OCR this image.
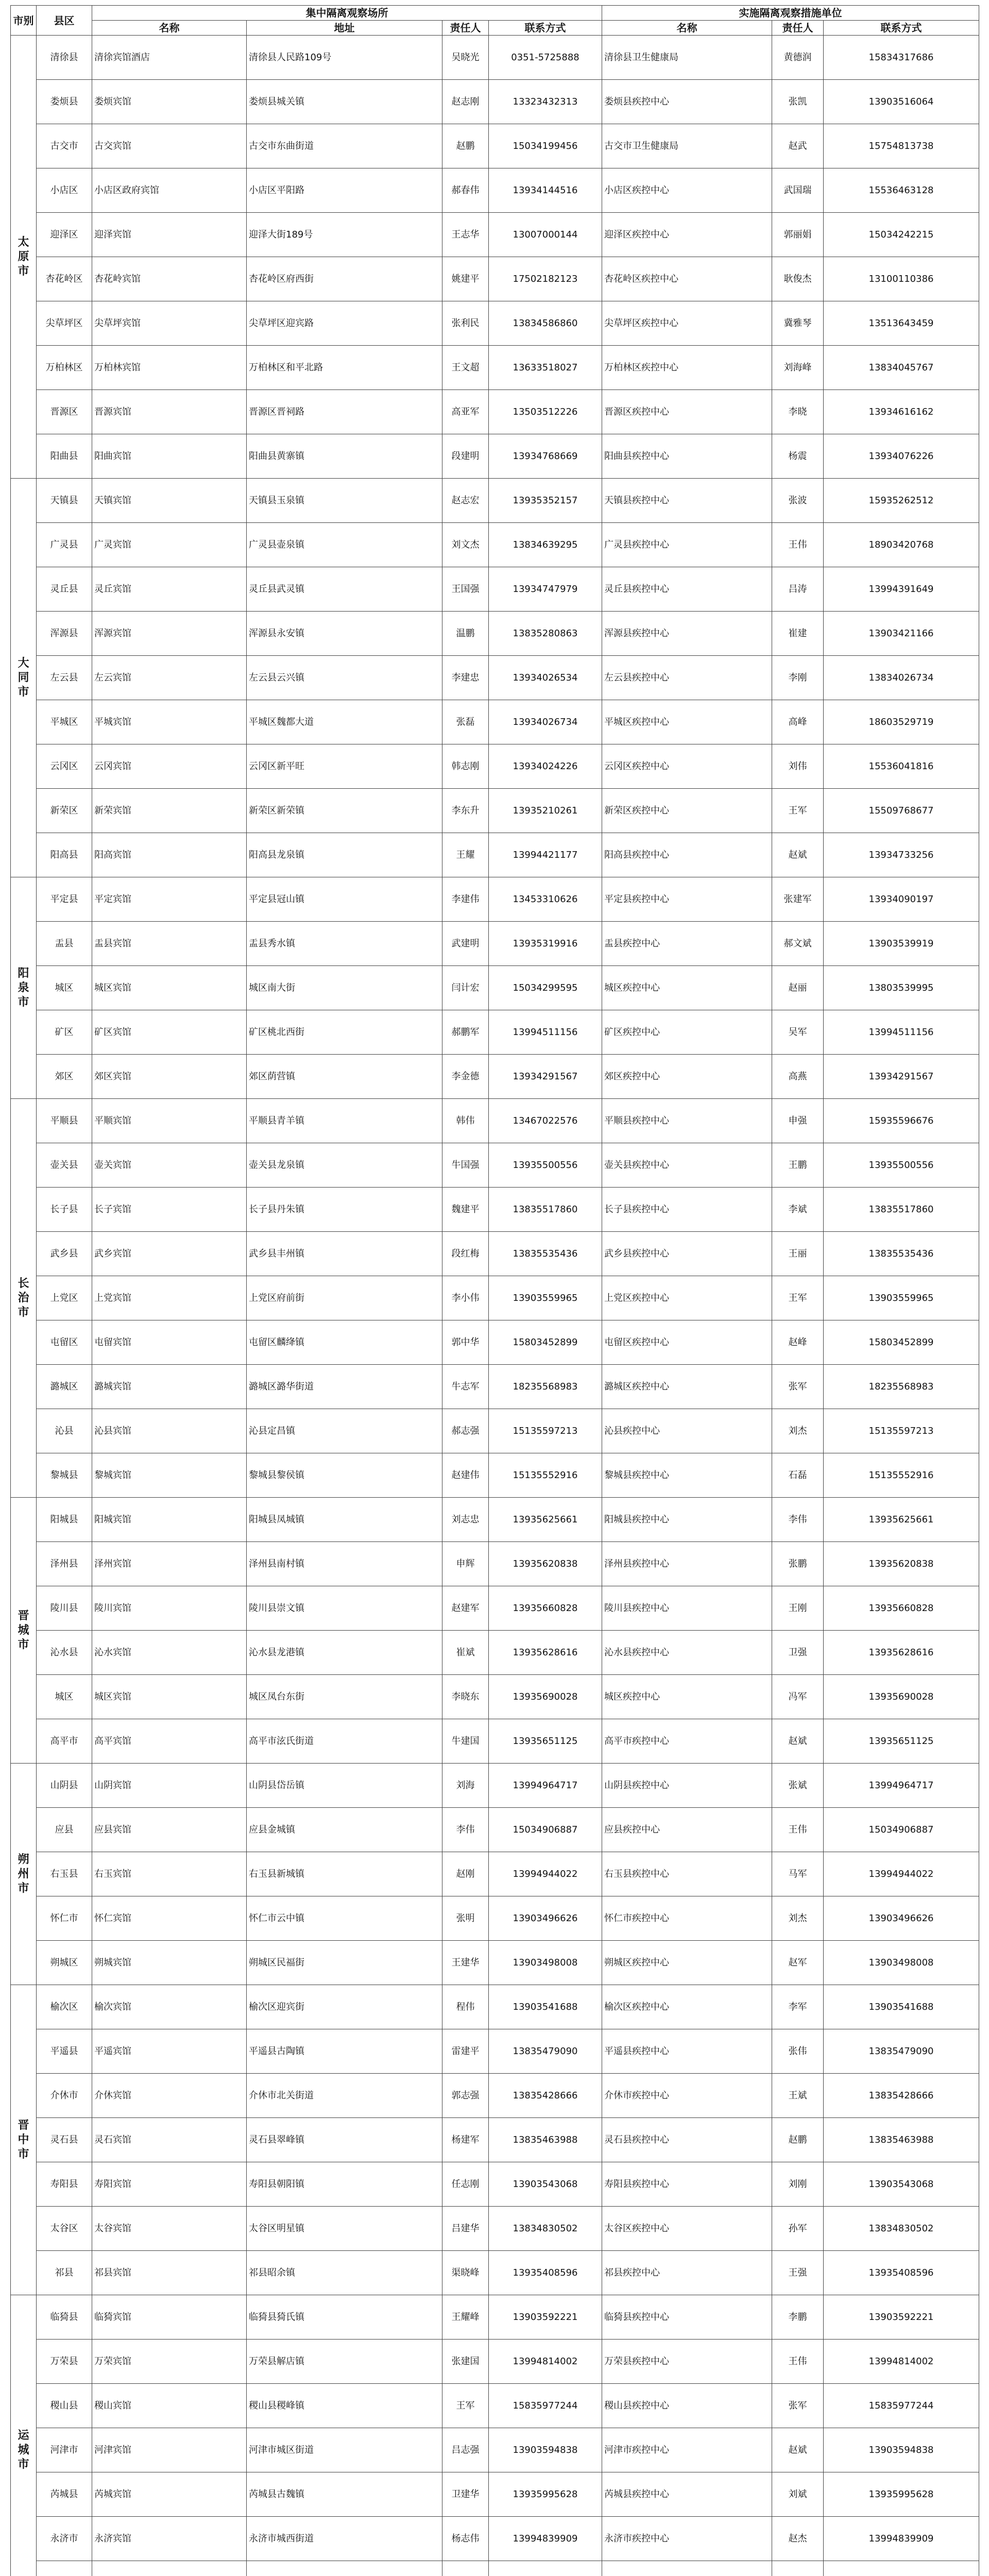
市别	县区	集中隔离观察场所				实施隔离观察措施单位		
		名称	地址	责任人	联系方式	名称	责任人	联系方式
太原市	清徐县	清徐宾馆酒店	清徐县人民路109号	吴晓光	0351-5725888	清徐县卫生健康局	黄德润	15834317686
	娄烦县	娄烦宾馆	娄烦县城关镇	赵志刚	13323432313	娄烦县疾控中心	张凯	13903516064
	古交市	古交宾馆	古交市东曲街道	赵鹏	15034199456	古交市卫生健康局	赵武	15754813738
	小店区	小店区政府宾馆	小店区平阳路	郝春伟	13934144516	小店区疾控中心	武国瑞	15536463128
	迎泽区	迎泽宾馆	迎泽大街189号	王志华	13007000144	迎泽区疾控中心	郭丽娟	15034242215
	杏花岭区	杏花岭宾馆	杏花岭区府西街	姚建平	17502182123	杏花岭区疾控中心	耿俊杰	13100110386
	尖草坪区	尖草坪宾馆	尖草坪区迎宾路	张利民	13834586860	尖草坪区疾控中心	冀雅琴	13513643459
	万柏林区	万柏林宾馆	万柏林区和平北路	王文超	13633518027	万柏林区疾控中心	刘海峰	13834045767
	晋源区	晋源宾馆	晋源区晋祠路	高亚军	13503512226	晋源区疾控中心	李晓	13934616162
	阳曲县	阳曲宾馆	阳曲县黄寨镇	段建明	13934768669	阳曲县疾控中心	杨震	13934076226
大同市	天镇县	天镇宾馆	天镇县玉泉镇	赵志宏	13935352157	天镇县疾控中心	张波	15935262512
	广灵县	广灵宾馆	广灵县壶泉镇	刘文杰	13834639295	广灵县疾控中心	王伟	18903420768
	灵丘县	灵丘宾馆	灵丘县武灵镇	王国强	13934747979	灵丘县疾控中心	吕涛	13994391649
	浑源县	浑源宾馆	浑源县永安镇	温鹏	13835280863	浑源县疾控中心	崔建	13903421166
	左云县	左云宾馆	左云县云兴镇	李建忠	13934026534	左云县疾控中心	李刚	13834026734
	平城区	平城宾馆	平城区魏都大道	张磊	13934026734	平城区疾控中心	高峰	18603529719
	云冈区	云冈宾馆	云冈区新平旺	韩志刚	13934024226	云冈区疾控中心	刘伟	15536041816
	新荣区	新荣宾馆	新荣区新荣镇	李东升	13935210261	新荣区疾控中心	王军	15509768677
	阳高县	阳高宾馆	阳高县龙泉镇	王耀	13994421177	阳高县疾控中心	赵斌	13934733256
阳泉市	平定县	平定宾馆	平定县冠山镇	李建伟	13453310626	平定县疾控中心	张建军	13934090197
	盂县	盂县宾馆	盂县秀水镇	武建明	13935319916	盂县疾控中心	郝文斌	13903539919
	城区	城区宾馆	城区南大街	闫计宏	15034299595	城区疾控中心	赵丽	13803539995
	矿区	矿区宾馆	矿区桃北西街	郝鹏军	13994511156	矿区疾控中心	吴军	13994511156
	郊区	郊区宾馆	郊区荫营镇	李金德	13934291567	郊区疾控中心	高燕	13934291567
长治市	平顺县	平顺宾馆	平顺县青羊镇	韩伟	13467022576	平顺县疾控中心	申强	15935596676
	壶关县	壶关宾馆	壶关县龙泉镇	牛国强	13935500556	壶关县疾控中心	王鹏	13935500556
	长子县	长子宾馆	长子县丹朱镇	魏建平	13835517860	长子县疾控中心	李斌	13835517860
	武乡县	武乡宾馆	武乡县丰州镇	段红梅	13835535436	武乡县疾控中心	王丽	13835535436
	上党区	上党宾馆	上党区府前街	李小伟	13903559965	上党区疾控中心	王军	13903559965
	屯留区	屯留宾馆	屯留区麟绛镇	郭中华	15803452899	屯留区疾控中心	赵峰	15803452899
	潞城区	潞城宾馆	潞城区潞华街道	牛志军	18235568983	潞城区疾控中心	张军	18235568983
	沁县	沁县宾馆	沁县定昌镇	郝志强	15135597213	沁县疾控中心	刘杰	15135597213
	黎城县	黎城宾馆	黎城县黎侯镇	赵建伟	15135552916	黎城县疾控中心	石磊	15135552916
晋城市	阳城县	阳城宾馆	阳城县凤城镇	刘志忠	13935625661	阳城县疾控中心	李伟	13935625661
	泽州县	泽州宾馆	泽州县南村镇	申辉	13935620838	泽州县疾控中心	张鹏	13935620838
	陵川县	陵川宾馆	陵川县崇文镇	赵建军	13935660828	陵川县疾控中心	王刚	13935660828
	沁水县	沁水宾馆	沁水县龙港镇	崔斌	13935628616	沁水县疾控中心	卫强	13935628616
	城区	城区宾馆	城区凤台东街	李晓东	13935690028	城区疾控中心	冯军	13935690028
	高平市	高平宾馆	高平市泫氏街道	牛建国	13935651125	高平市疾控中心	赵斌	13935651125
朔州市	山阴县	山阴宾馆	山阴县岱岳镇	刘海	13994964717	山阴县疾控中心	张斌	13994964717
	应县	应县宾馆	应县金城镇	李伟	15034906887	应县疾控中心	王伟	15034906887
	右玉县	右玉宾馆	右玉县新城镇	赵刚	13994944022	右玉县疾控中心	马军	13994944022
	怀仁市	怀仁宾馆	怀仁市云中镇	张明	13903496626	怀仁市疾控中心	刘杰	13903496626
	朔城区	朔城宾馆	朔城区民福街	王建华	13903498008	朔城区疾控中心	赵军	13903498008
晋中市	榆次区	榆次宾馆	榆次区迎宾街	程伟	13903541688	榆次区疾控中心	李军	13903541688
	平遥县	平遥宾馆	平遥县古陶镇	雷建平	13835479090	平遥县疾控中心	张伟	13835479090
	介休市	介休宾馆	介休市北关街道	郭志强	13835428666	介休市疾控中心	王斌	13835428666
	灵石县	灵石宾馆	灵石县翠峰镇	杨建军	13835463988	灵石县疾控中心	赵鹏	13835463988
	寿阳县	寿阳宾馆	寿阳县朝阳镇	任志刚	13903543068	寿阳县疾控中心	刘刚	13903543068
	太谷区	太谷宾馆	太谷区明星镇	吕建华	13834830502	太谷区疾控中心	孙军	13834830502
	祁县	祁县宾馆	祁县昭余镇	渠晓峰	13935408596	祁县疾控中心	王强	13935408596
运城市	临猗县	临猗宾馆	临猗县猗氏镇	王耀峰	13903592221	临猗县疾控中心	李鹏	13903592221
	万荣县	万荣宾馆	万荣县解店镇	张建国	13994814002	万荣县疾控中心	王伟	13994814002
	稷山县	稷山宾馆	稷山县稷峰镇	王军	15835977244	稷山县疾控中心	张军	15835977244
	河津市	河津宾馆	河津市城区街道	吕志强	13903594838	河津市疾控中心	赵斌	13903594838
	芮城县	芮城宾馆	芮城县古魏镇	卫建华	13935995628	芮城县疾控中心	刘斌	13935995628
	永济市	永济宾馆	永济市城西街道	杨志伟	13994839909	永济市疾控中心	赵杰	13994839909
